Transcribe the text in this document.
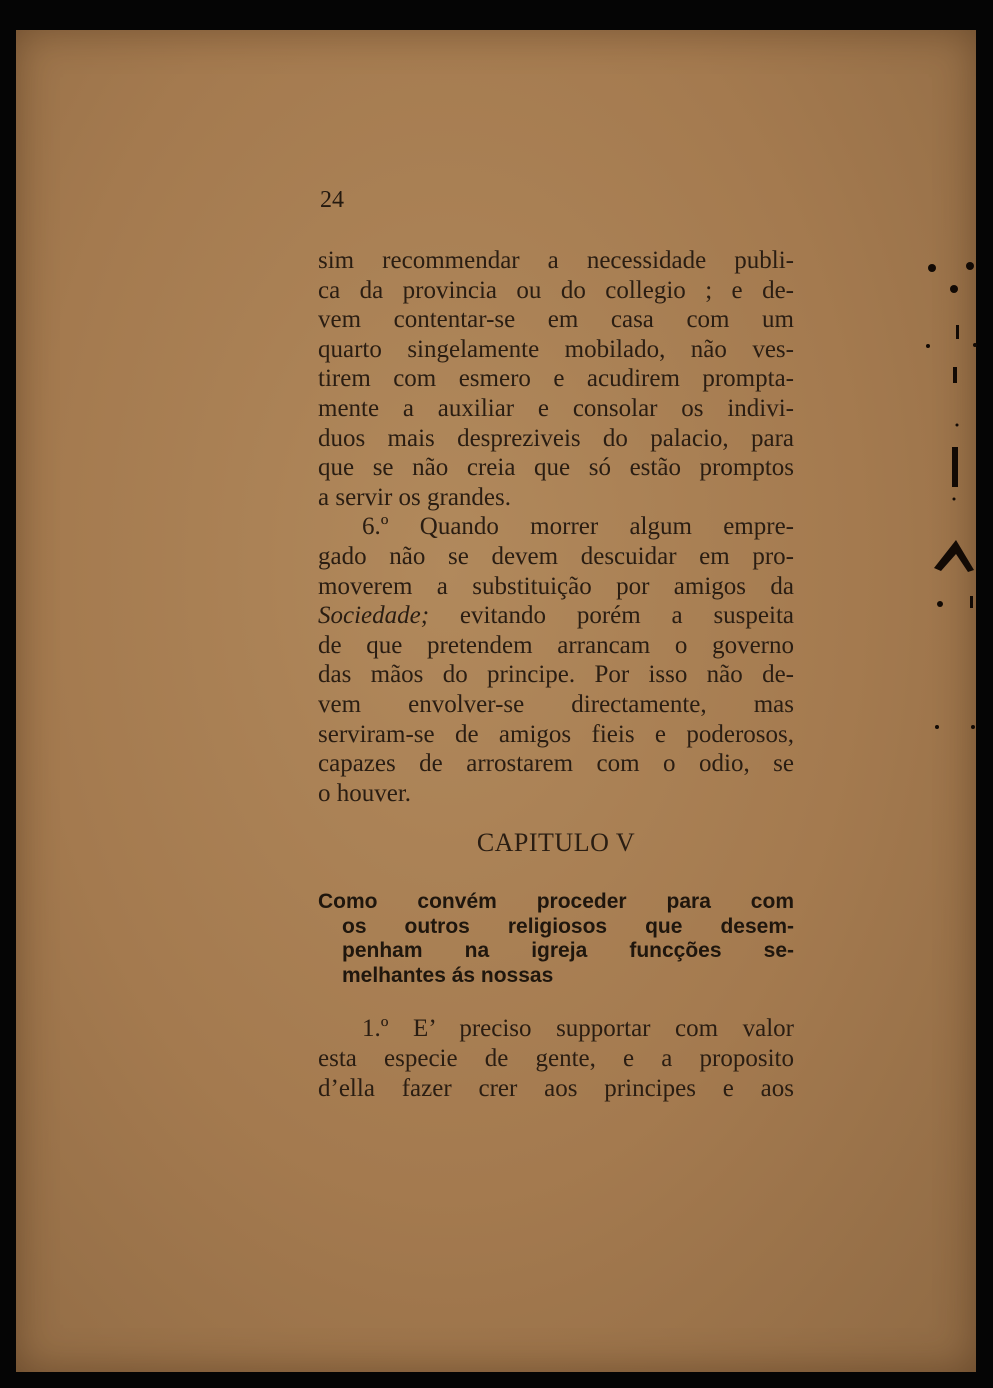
24
sim recommendar a necessidade publi-
ca da provincia ou do collegio ; e de-
vem contentar-se em casa com um
quarto singelamente mobilado, não ves-
tirem com esmero e acudirem prompta-
mente a auxiliar e consolar os indivi-
duos mais despreziveis do palacio, para
que se não creia que só estão promptos
a servir os grandes.
6.º Quando morrer algum empre-
gado não se devem descuidar em pro-
moverem a substituição por amigos da
Sociedade; evitando porém a suspeita
de que pretendem arrancam o governo
das mãos do principe. Por isso não de-
vem envolver-se directamente, mas
serviram-se de amigos fieis e poderosos,
capazes de arrostarem com o odio, se
o houver.
CAPITULO V
Como convém proceder para com
os outros religiosos que desem-
penham na igreja funcções se-
melhantes ás nossas
1.º E’ preciso supportar com valor
esta especie de gente, e a proposito
d’ella fazer crer aos principes e aos
